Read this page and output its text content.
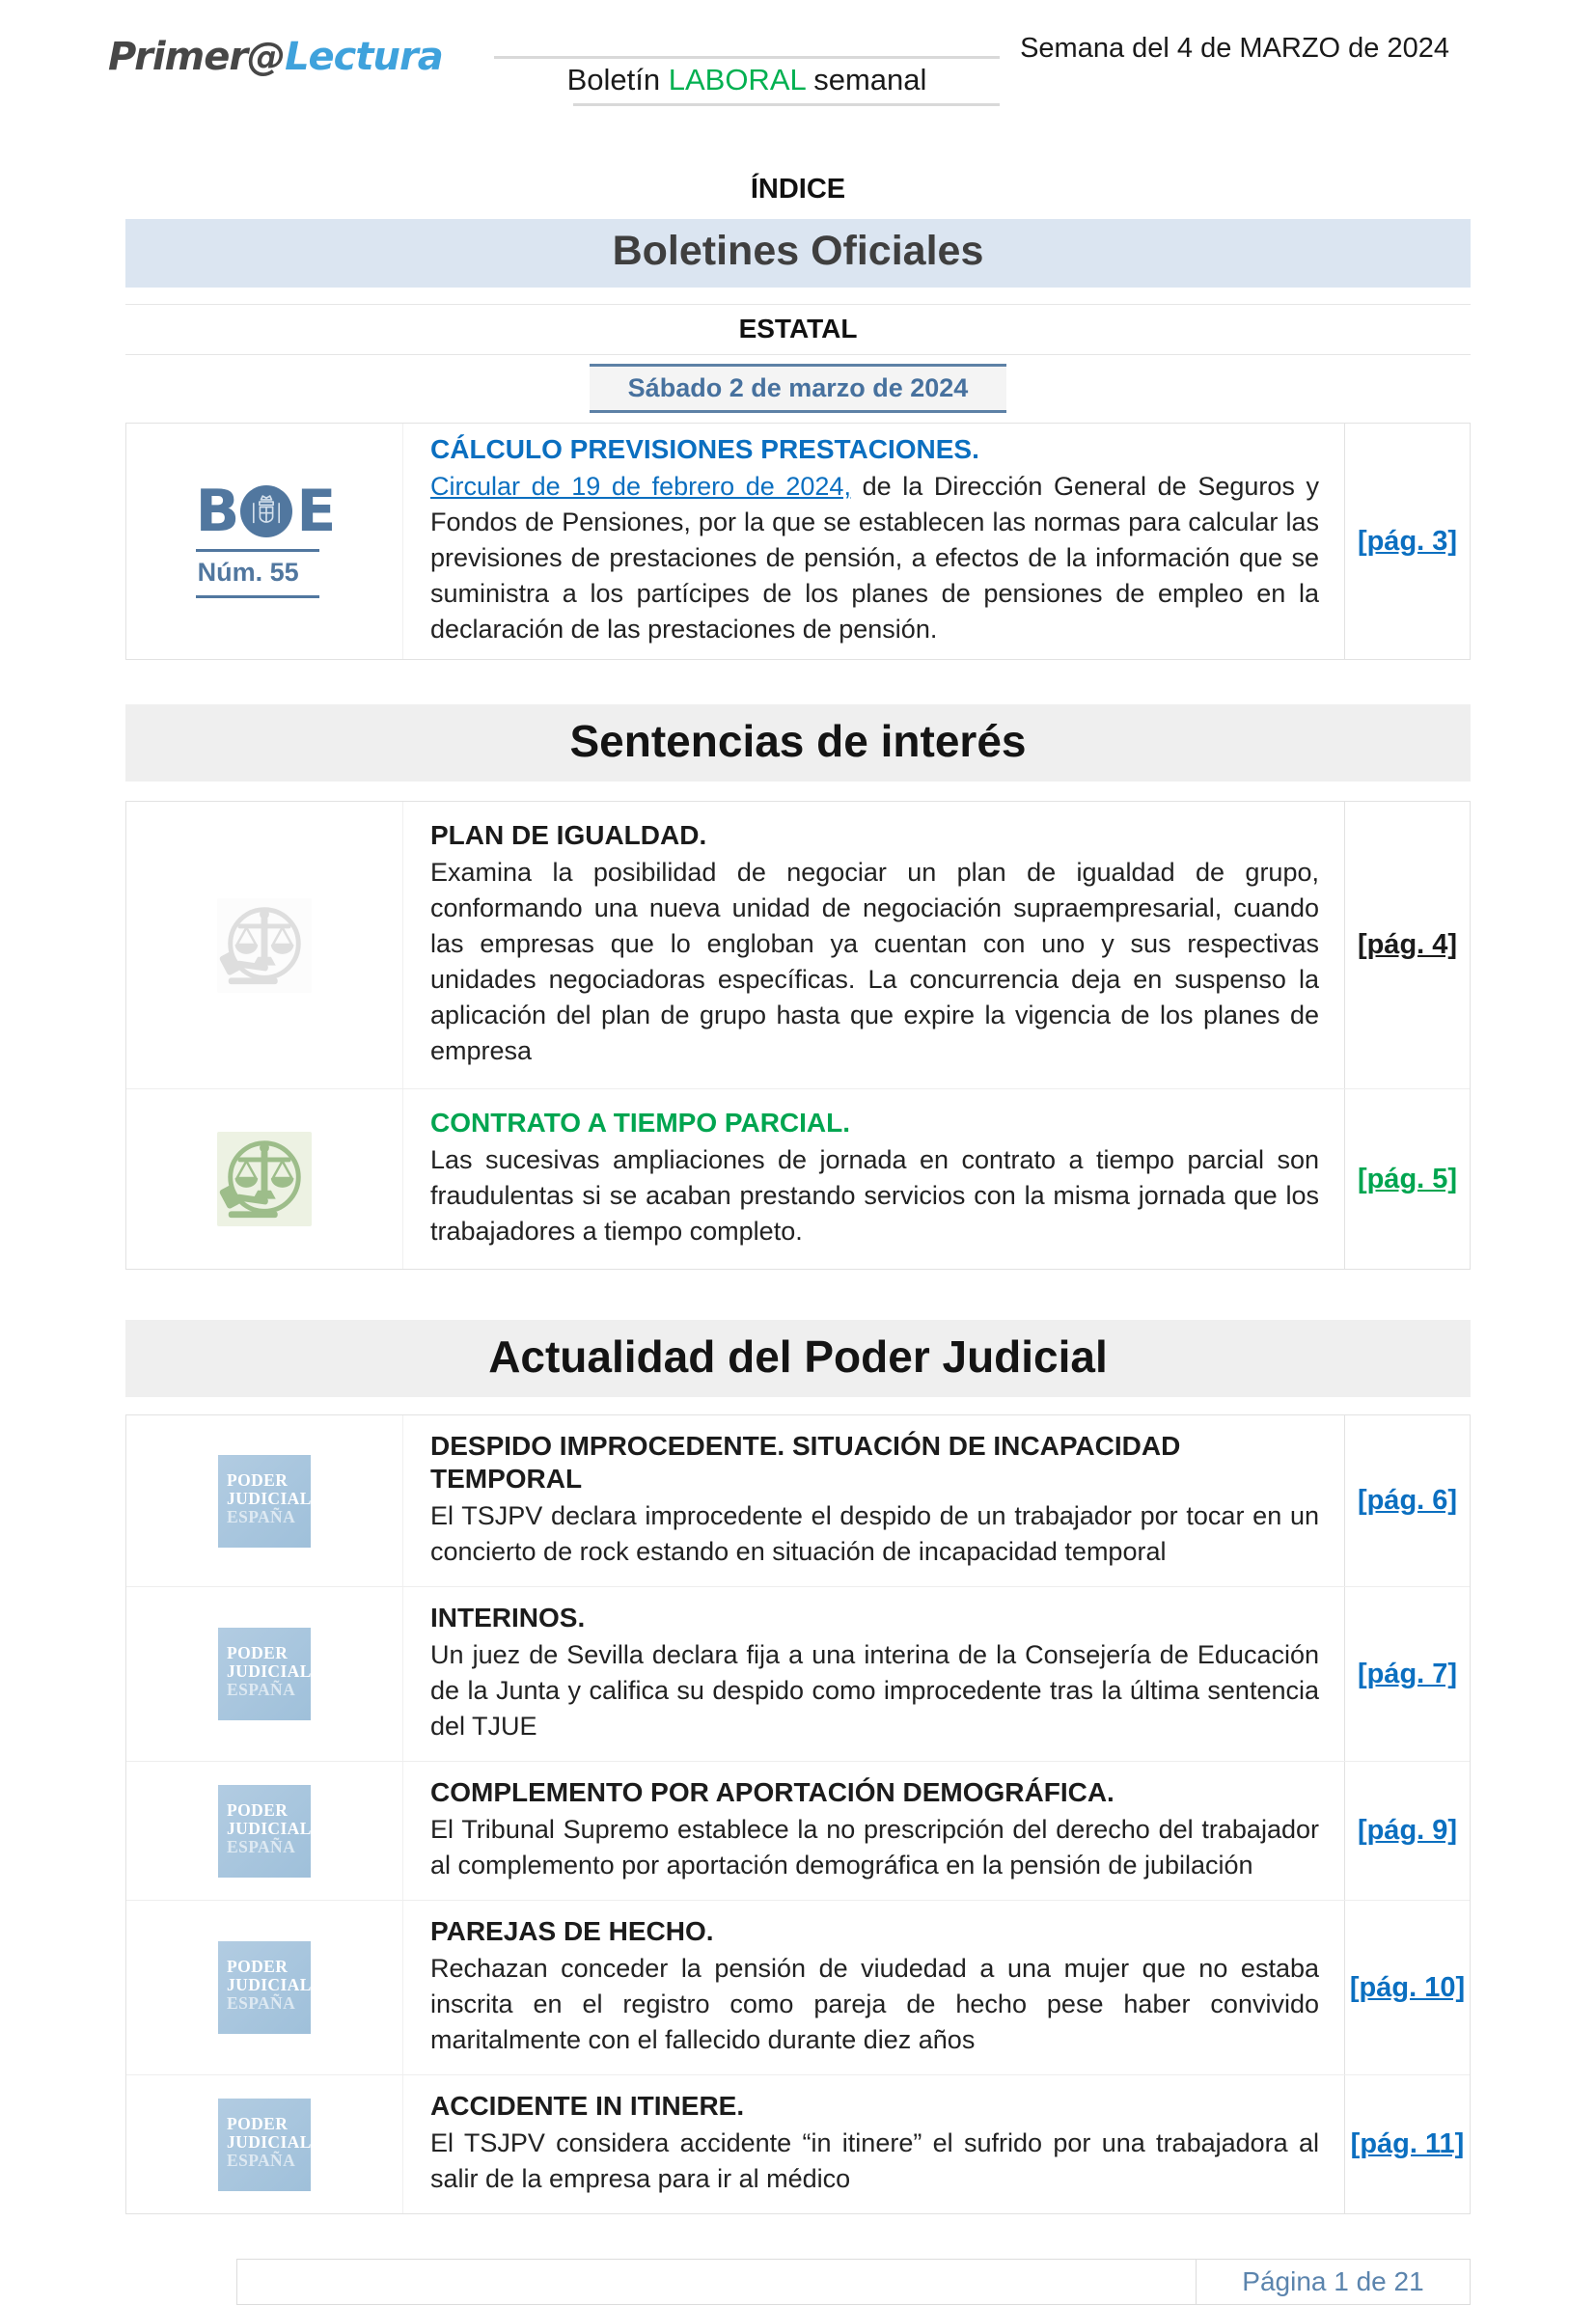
Primer@Lectura	Semana del 4 de MARZO de 2024
Boletín LABORAL semanal
ÍNDICE
Boletines Oficiales
ESTATAL
Sábado 2 de marzo de 2024
B E
Núm. 55

CÁLCULO PREVISIONES PRESTACIONES.

Circular de 19 de febrero de 2024, de la Dirección General de Seguros y Fondos de Pensiones, por la que se establecen las normas para calcular las previsiones de prestaciones de pensión, a efectos de la información que se suministra a los partícipes de los planes de pensiones de empleo en la declaración de las prestaciones de pensión.

[pág. 3]
Sentencias de interés

PLAN DE IGUALDAD.

Examina la posibilidad de negociar un plan de igualdad de grupo, conformando una nueva unidad de negociación supraempresarial, cuando las empresas que lo engloban ya cuentan con uno y sus respectivas unidades negociadoras específicas. La concurrencia deja en suspenso la aplicación del plan de grupo hasta que expire la vigencia de los planes de empresa

[pág. 4]

CONTRATO A TIEMPO PARCIAL.

Las sucesivas ampliaciones de jornada en contrato a tiempo parcial son fraudulentas si se acaban prestando servicios con la misma jornada que los trabajadores a tiempo completo.

[pág. 5]
Actualidad del Poder Judicial
PODER
JUDICIAL
ESPAÑA

DESPIDO IMPROCEDENTE. SITUACIÓN DE INCAPACIDAD TEMPORAL

El TSJPV declara improcedente el despido de un trabajador por tocar en un concierto de rock estando en situación de incapacidad temporal

[pág. 6]
PODER
JUDICIAL
ESPAÑA

INTERINOS.

Un juez de Sevilla declara fija a una interina de la Consejería de Educación de la Junta y califica su despido como improcedente tras la última sentencia del TJUE

[pág. 7]
PODER
JUDICIAL
ESPAÑA

COMPLEMENTO POR APORTACIÓN DEMOGRÁFICA.

El Tribunal Supremo establece la no prescripción del derecho del trabajador al complemento por aportación demográfica en la pensión de jubilación

[pág. 9]
PODER
JUDICIAL
ESPAÑA

PAREJAS DE HECHO.

Rechazan conceder la pensión de viudedad a una mujer que no estaba inscrita en el registro como pareja de hecho pese haber convivido maritalmente con el fallecido durante diez años

[pág. 10]
PODER
JUDICIAL
ESPAÑA

ACCIDENTE IN ITINERE.

El TSJPV considera accidente “in itinere” el sufrido por una trabajadora al salir de la empresa para ir al médico

[pág. 11]
Página 1 de 21
